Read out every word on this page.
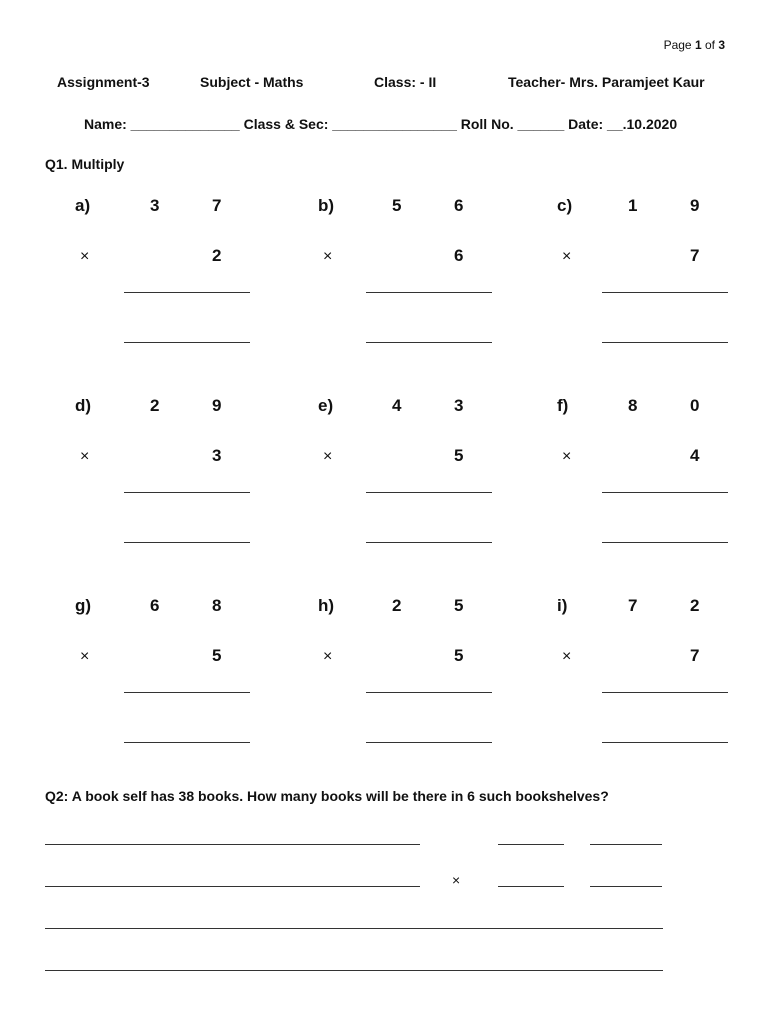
Page 1 of 3
Assignment-3	Subject - Maths	Class: - II	Teacher- Mrs. Paramjeet Kaur
Name: ______________ Class & Sec: ________________ Roll No. ______ Date: __.10.2020
Q1. Multiply
a)	3	7
×	2
b)	5	6
×	6
c)	1	9
×	7
d)	2	9
×	3
e)	4	3
×	5
f)	8	0
×	4
g)	6	8
×	5
h)	2	5
×	5
i)	7	2
×	7
Q2: A book self has 38 books. How many books will be there in 6 such bookshelves?
×
